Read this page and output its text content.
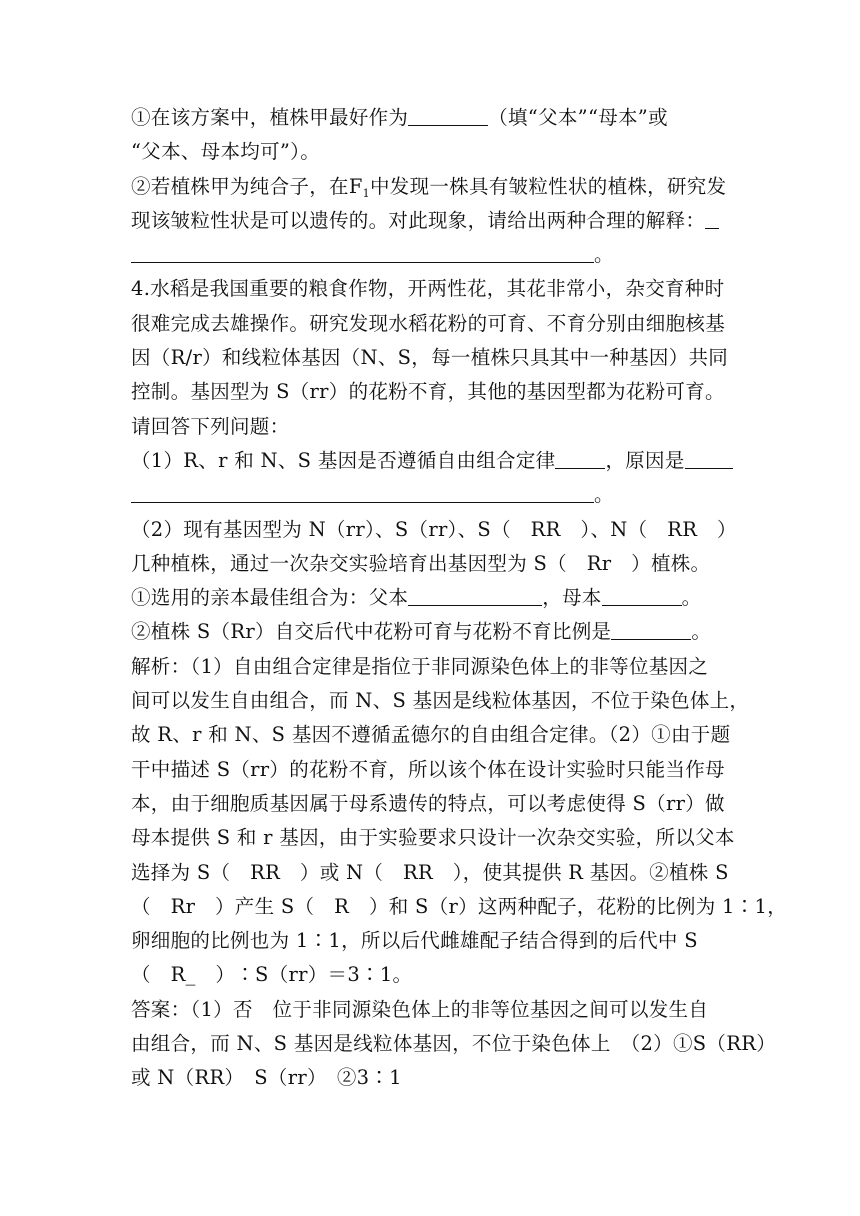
①在该方案中，植株甲最好作为	（填“父本”“母本”或
“父本、母本均可”）。
②若植株甲为纯合子，在$F_1$中发现一株具有皱粒性状的植株，研究发
现该皱粒性状是可以遗传的。对此现象，请给出两种合理的解释：
。
4.水稻是我国重要的粮食作物，开两性花，其花非常小，杂交育种时
很难完成去雄操作。研究发现水稻花粉的可育、不育分别由细胞核基
因（R/r）和线粒体基因（N、S，每一植株只具其中一种基因）共同
控制。基因型为 S（rr）的花粉不育，其他的基因型都为花粉可育。
请回答下列问题：
（1）R、r 和 N、S 基因是否遵循自由组合定律	，原因是
。
（2）现有基因型为 N（rr）、S（rr）、S（　RR　）、N（　RR　）
几种植株，通过一次杂交实验培育出基因型为 S（　Rr　）植株。
①选用的亲本最佳组合为：父本	，母本	。
②植株 S（Rr）自交后代中花粉可育与花粉不育比例是	。
解析：（1）自由组合定律是指位于非同源染色体上的非等位基因之
间可以发生自由组合，而 N、S 基因是线粒体基因，不位于染色体上，
故 R、r 和 N、S 基因不遵循孟德尔的自由组合定律。（2）①由于题
干中描述 S（rr）的花粉不育，所以该个体在设计实验时只能当作母
本，由于细胞质基因属于母系遗传的特点，可以考虑使得 S（rr）做
母本提供 S 和 r 基因，由于实验要求只设计一次杂交实验，所以父本
选择为 S（　RR　）或 N（　RR　），使其提供 R 基因。②植株 S
（　Rr　）产生 S（　R　）和 S（r）这两种配子，花粉的比例为 1∶1，
卵细胞的比例也为 1∶1，所以后代雌雄配子结合得到的后代中 S
（　R_　）∶S（rr）＝3∶1。
答案：（1）否　位于非同源染色体上的非等位基因之间可以发生自
由组合，而 N、S 基因是线粒体基因，不位于染色体上　（2）①S（RR）
或 N（RR）　S（rr）　②3∶1
